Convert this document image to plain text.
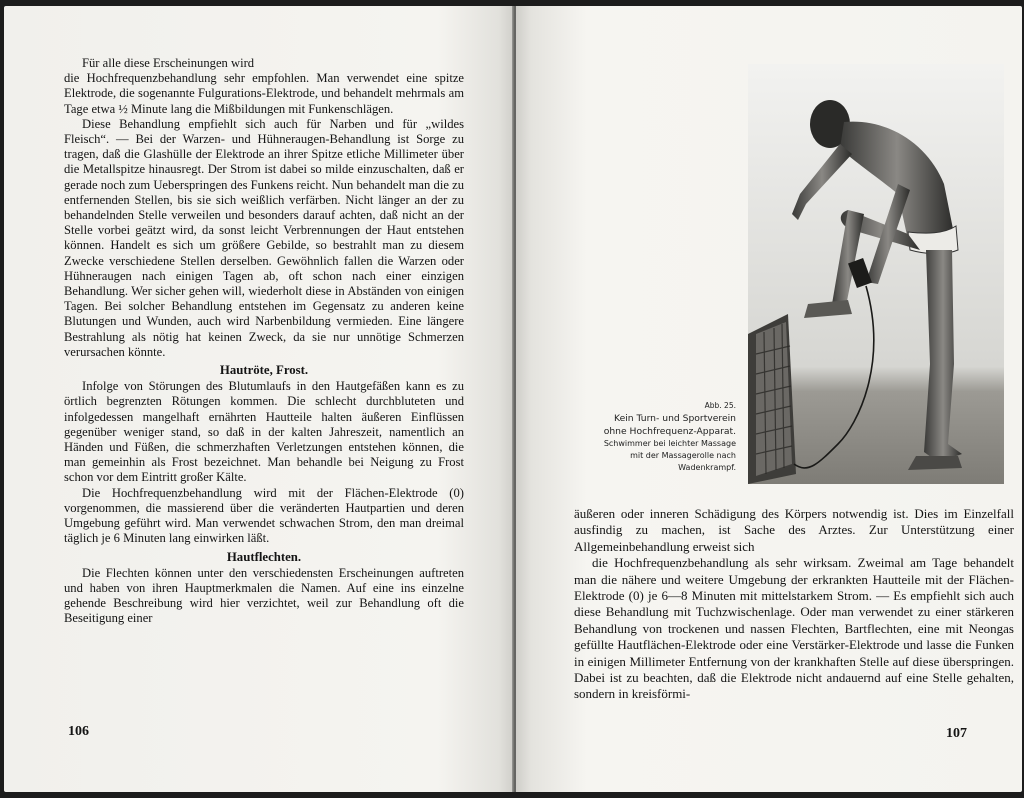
Für alle diese Erscheinungen wird

die Hochfrequenzbehandlung sehr empfohlen. Man verwendet eine spitze Elektrode, die sogenannte Fulgurations-Elektrode, und behandelt mehrmals am Tage etwa ½ Minute lang die Mißbildungen mit Funkenschlägen.

Diese Behandlung empfiehlt sich auch für Narben und für „wildes Fleisch“. — Bei der Warzen- und Hühneraugen-Behandlung ist Sorge zu tragen, daß die Glashülle der Elektrode an ihrer Spitze etliche Millimeter über die Metallspitze hinausregt. Der Strom ist dabei so milde einzuschalten, daß er gerade noch zum Ueberspringen des Funkens reicht. Nun behandelt man die zu entfernenden Stellen, bis sie sich weißlich verfärben. Nicht länger an der zu behandelnden Stelle verweilen und besonders darauf achten, daß nicht an der Stelle vorbei geätzt wird, da sonst leicht Verbrennungen der Haut entstehen können. Handelt es sich um größere Gebilde, so bestrahlt man zu diesem Zwecke verschiedene Stellen derselben. Gewöhnlich fallen die Warzen oder Hühneraugen nach einigen Tagen ab, oft schon nach einer einzigen Behandlung. Wer sicher gehen will, wiederholt diese in Abständen von einigen Tagen. Bei solcher Behandlung entstehen im Gegensatz zu anderen keine Blutungen und Wunden, auch wird Narbenbildung vermieden. Eine längere Bestrahlung als nötig hat keinen Zweck, da sie nur unnötige Schmerzen verursachen könnte.

Hautröte, Frost.

Infolge von Störungen des Blutumlaufs in den Hautgefäßen kann es zu örtlich begrenzten Rötungen kommen. Die schlecht durchbluteten und infolgedessen mangelhaft ernährten Hautteile halten äußeren Einflüssen gegenüber weniger stand, so daß in der kalten Jahreszeit, namentlich an Händen und Füßen, die schmerzhaften Verletzungen entstehen können, die man gemeinhin als Frost bezeichnet. Man behandle bei Neigung zu Frost schon vor dem Eintritt großer Kälte.

Die Hochfrequenzbehandlung wird mit der Flächen-Elektrode (0) vorgenommen, die massierend über die veränderten Hautpartien und deren Umgebung geführt wird. Man verwendet schwachen Strom, den man dreimal täglich je 6 Minuten lang einwirken läßt.

Hautflechten.

Die Flechten können unter den verschiedensten Erscheinungen auftreten und haben von ihren Hauptmerkmalen die Namen. Auf eine ins einzelne gehende Beschreibung wird hier verzichtet, weil zur Behandlung oft die Beseitigung einer

106
Abb. 25.
Kein Turn- und Sportverein
ohne Hochfrequenz-Apparat.
Schwimmer bei leichter Massage
mit der Massagerolle nach
Wadenkrampf.

äußeren oder inneren Schädigung des Körpers notwendig ist. Dies im Einzelfall ausfindig zu machen, ist Sache des Arztes. Zur Unterstützung einer Allgemeinbehandlung erweist sich

die Hochfrequenzbehandlung als sehr wirksam. Zweimal am Tage behandelt man die nähere und weitere Umgebung der erkrankten Hautteile mit der Flächen-Elektrode (0) je 6—8 Minuten mit mittelstarkem Strom. — Es empfiehlt sich auch diese Behandlung mit Tuchzwischenlage. Oder man verwendet zu einer stärkeren Behandlung von trockenen und nassen Flechten, Bartflechten, eine mit Neongas gefüllte Hautflächen-Elektrode oder eine Verstärker-Elektrode und lasse die Funken in einigen Millimeter Entfernung von der krankhaften Stelle auf diese überspringen. Dabei ist zu beachten, daß die Elektrode nicht andauernd auf eine Stelle gehalten, sondern in kreisförmi-

107
